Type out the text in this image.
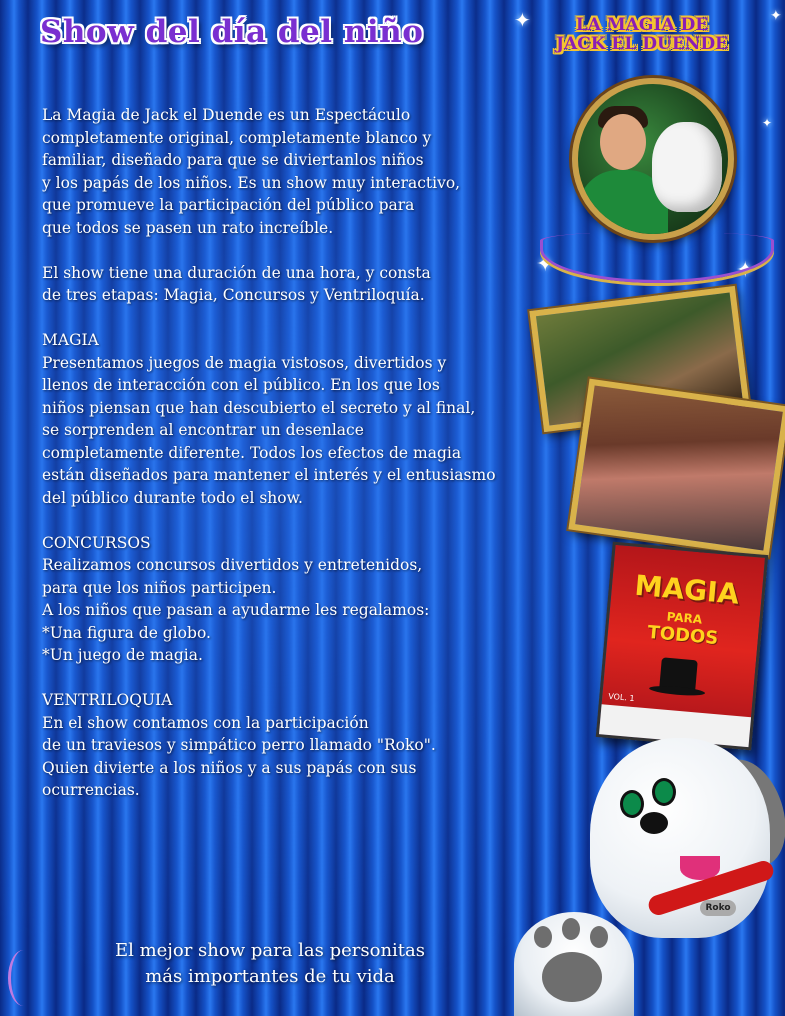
✦
✦	✦
✦
✦
Show del día del niño	LA MAGIA DE
JACK EL DUENDE
MAGIA
PARA
TODOS
VOL. 1

La Magia de Jack el Duende es un Espectáculo
completamente original, completamente blanco y
familiar, diseñado para que se diviertanlos niños
y los papás de los niños. Es un show muy interactivo,
que promueve la participación del público para
que todos se pasen un rato increíble.

El show tiene una duración de una hora, y consta
de tres etapas: Magia, Concursos y Ventriloquía.

MAGIA
Presentamos juegos de magia vistosos, divertidos y
llenos de interacción con el público. En los que los
niños piensan que han descubierto el secreto y al final,
se sorprenden al encontrar un desenlace
completamente diferente. Todos los efectos de magia
están diseñados para mantener el interés y el entusiasmo
del público durante todo el show.

CONCURSOS
Realizamos concursos divertidos y entretenidos,
para que los niños participen.
A los niños que pasan a ayudarme les regalamos:
*Una figura de globo.
*Un juego de magia.

VENTRILOQUIA
En el show contamos con la participación
de un traviesos y simpático perro llamado "Roko".
Quien divierte a los niños y a sus papás con sus
ocurrencias.

El mejor show para las personitas
más importantes de tu vida
Roko
